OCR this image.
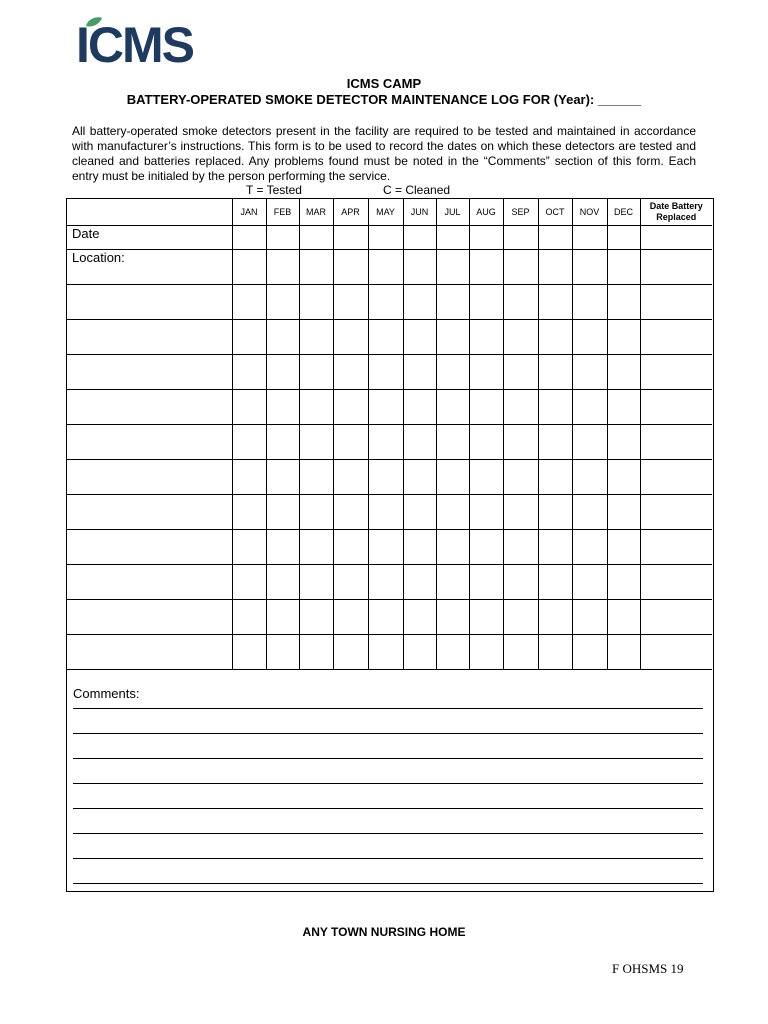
ICMS
ICMS CAMP
BATTERY-OPERATED SMOKE DETECTOR MAINTENANCE LOG FOR (Year): ______
All battery-operated smoke detectors present in the facility are required to be tested and maintained in accordance with manufacturer’s instructions. This form is to be used to record the dates on which these detectors are tested and cleaned and batteries replaced. Any problems found must be noted in the “Comments” section of this form. Each entry must be initialed by the person performing the service.
T = Tested	C = Cleaned
	JAN	FEB	MAR	APR	MAY	JUN	JUL	AUG	SEP	OCT	NOV	DEC	Date Battery Replaced
Date													
Location:													

Comments:
ANY TOWN NURSING HOME
F OHSMS 19
